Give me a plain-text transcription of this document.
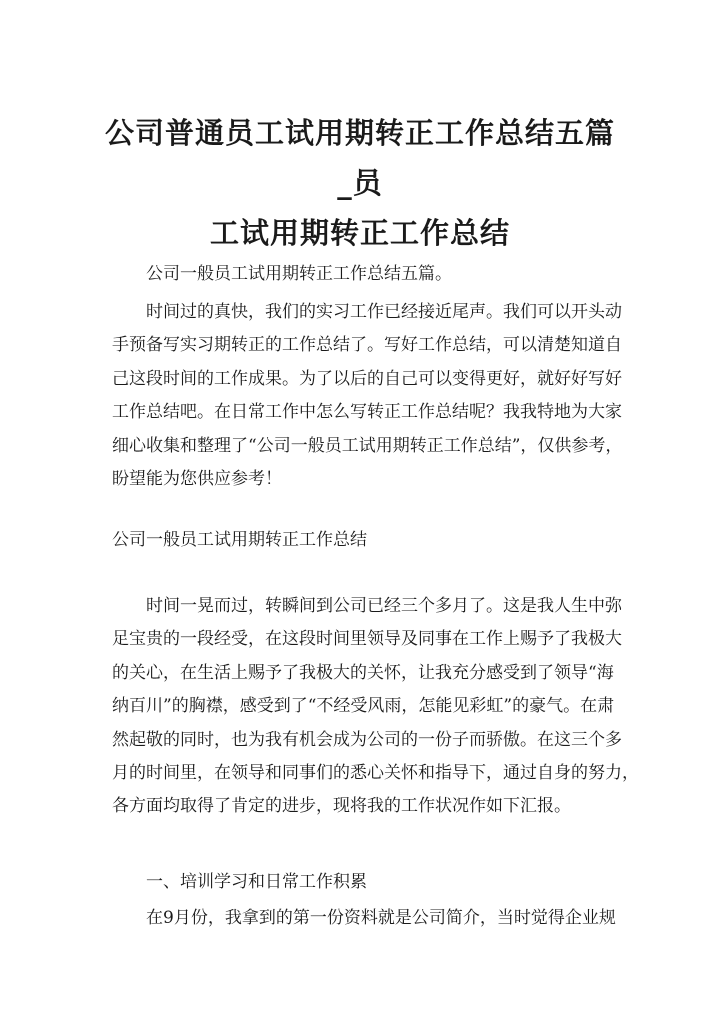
公司普通员工试用期转正工作总结五篇_员
工试用期转正工作总结

公司一般员工试用期转正工作总结五篇。

时间过的真快，我们的实习工作已经接近尾声。我们可以开头动
手预备写实习期转正的工作总结了。写好工作总结，可以清楚知道自
己这段时间的工作成果。为了以后的自己可以变得更好，就好好写好
工作总结吧。在日常工作中怎么写转正工作总结呢？我我特地为大家
细心收集和整理了“公司一般员工试用期转正工作总结”，仅供参考，
盼望能为您供应参考！

公司一般员工试用期转正工作总结

时间一晃而过，转瞬间到公司已经三个多月了。这是我人生中弥
足宝贵的一段经受，在这段时间里领导及同事在工作上赐予了我极大
的关心，在生活上赐予了我极大的关怀，让我充分感受到了领导“海
纳百川”的胸襟，感受到了“不经受风雨，怎能见彩虹”的豪气。在肃
然起敬的同时，也为我有机会成为公司的一份子而骄傲。在这三个多
月的时间里，在领导和同事们的悉心关怀和指导下，通过自身的努力，
各方面均取得了肯定的进步，现将我的工作状况作如下汇报。

一、培训学习和日常工作积累

在9月份，我拿到的第一份资料就是公司简介，当时觉得企业规
